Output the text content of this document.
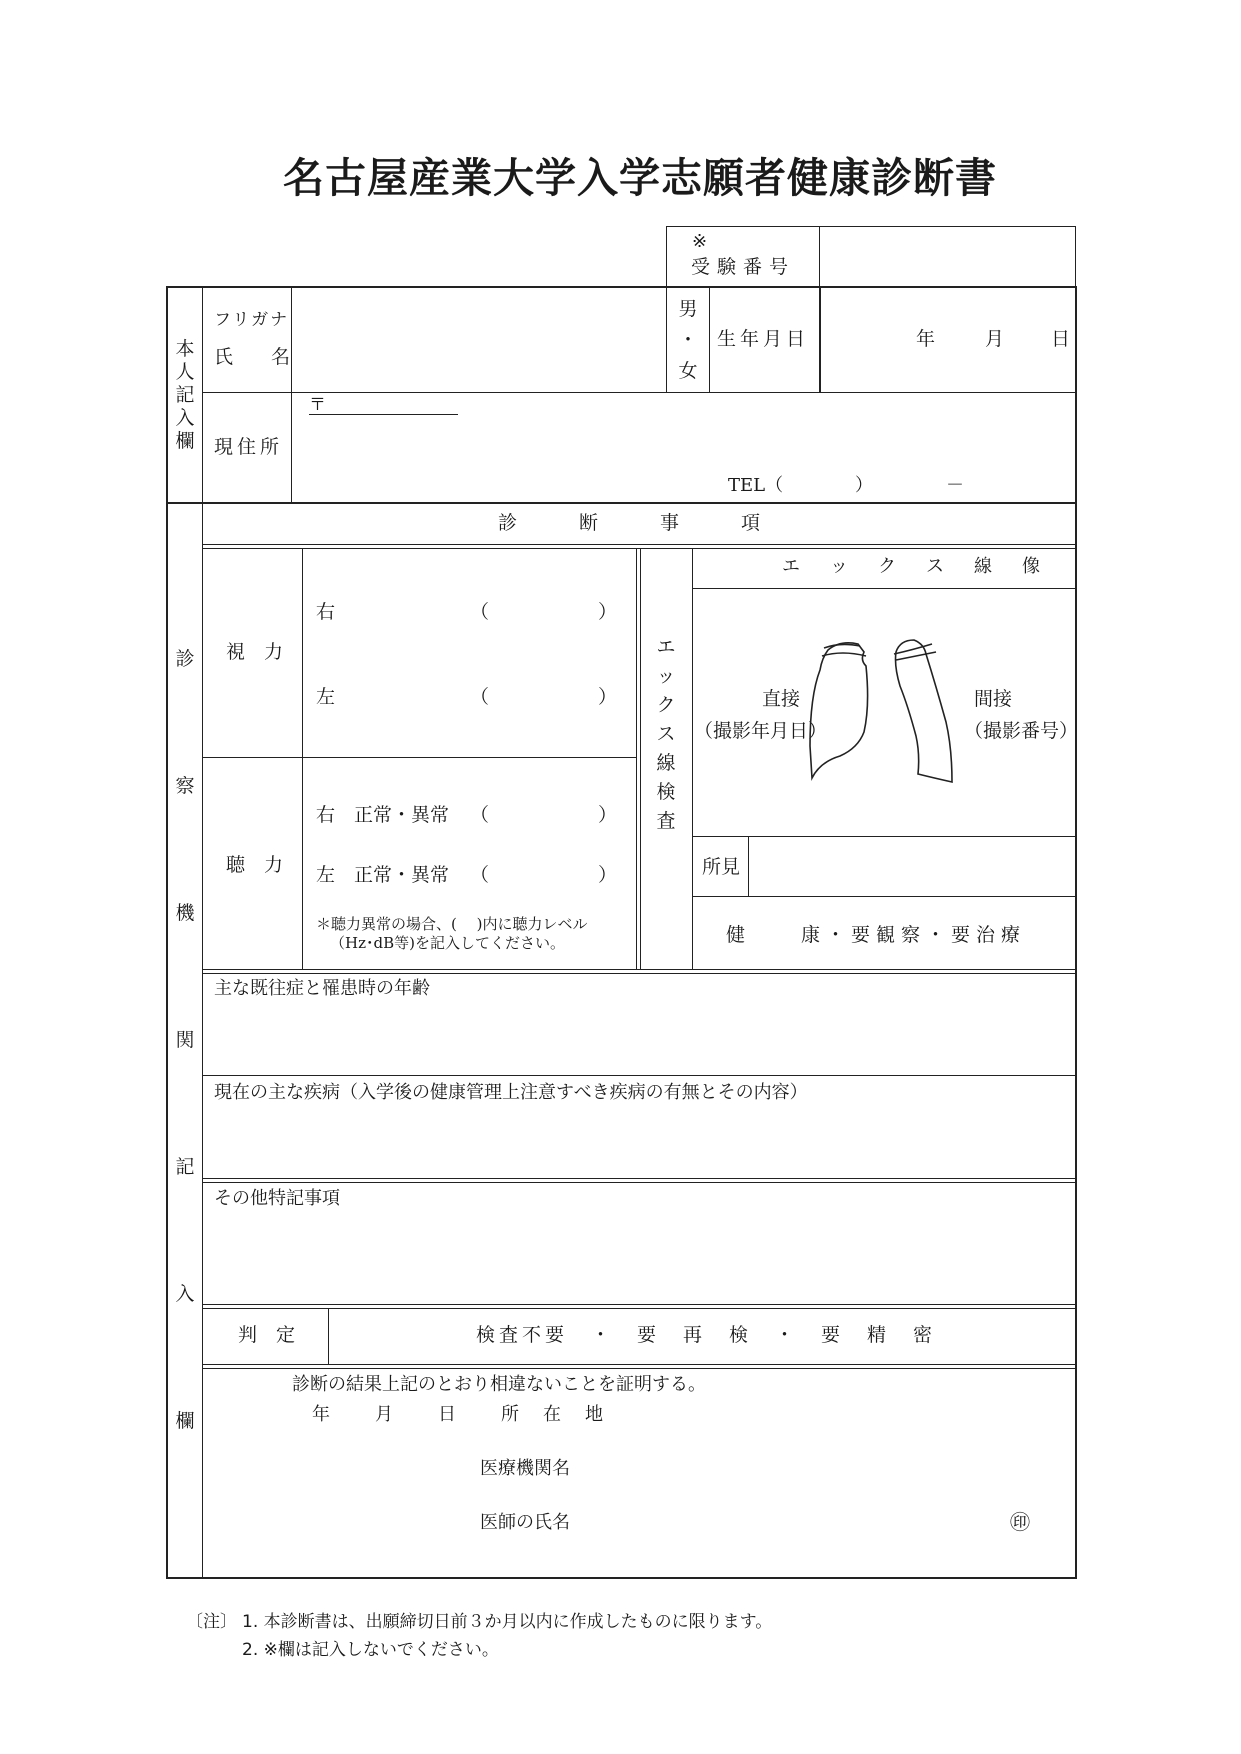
名古屋産業大学入学志願者健康診断書
※
受験番号
本
人
記
入
欄
フリガナ
氏　　名
男
・
女
生年月日	年	月 日
現住所
〒
TEL（	）	－
診
察
機
関
記
入
欄
診　　断　　事　　項
視　力
右	（	）
左	（	）
聴　力
右　正常・異常 （	）
左　正常・異常 （	）
＊聴力異常の場合、(　 )内に聴力レベル
（Hz･dB等)を記入してください。
エ
ッ
ク
ス
線
検
査
エ　ッ　ク　ス　線　像
直接
（撮影年月日）
間接
（撮影番号）
所見
健　　康・要観察・要治療
主な既往症と罹患時の年齢
現在の主な疾病（入学後の健康管理上注意すべき疾病の有無とその内容）
その他特記事項
判　定	検査不要　・　要　再　検　・　要　精　密
診断の結果上記のとおり相違ないことを証明する。
年　　月　　日　　所　在　地
医療機関名
医師の氏名	㊞
〔注〕 1. 本診断書は、出願締切日前３か月以内に作成したものに限ります。
2. ※欄は記入しないでください。
